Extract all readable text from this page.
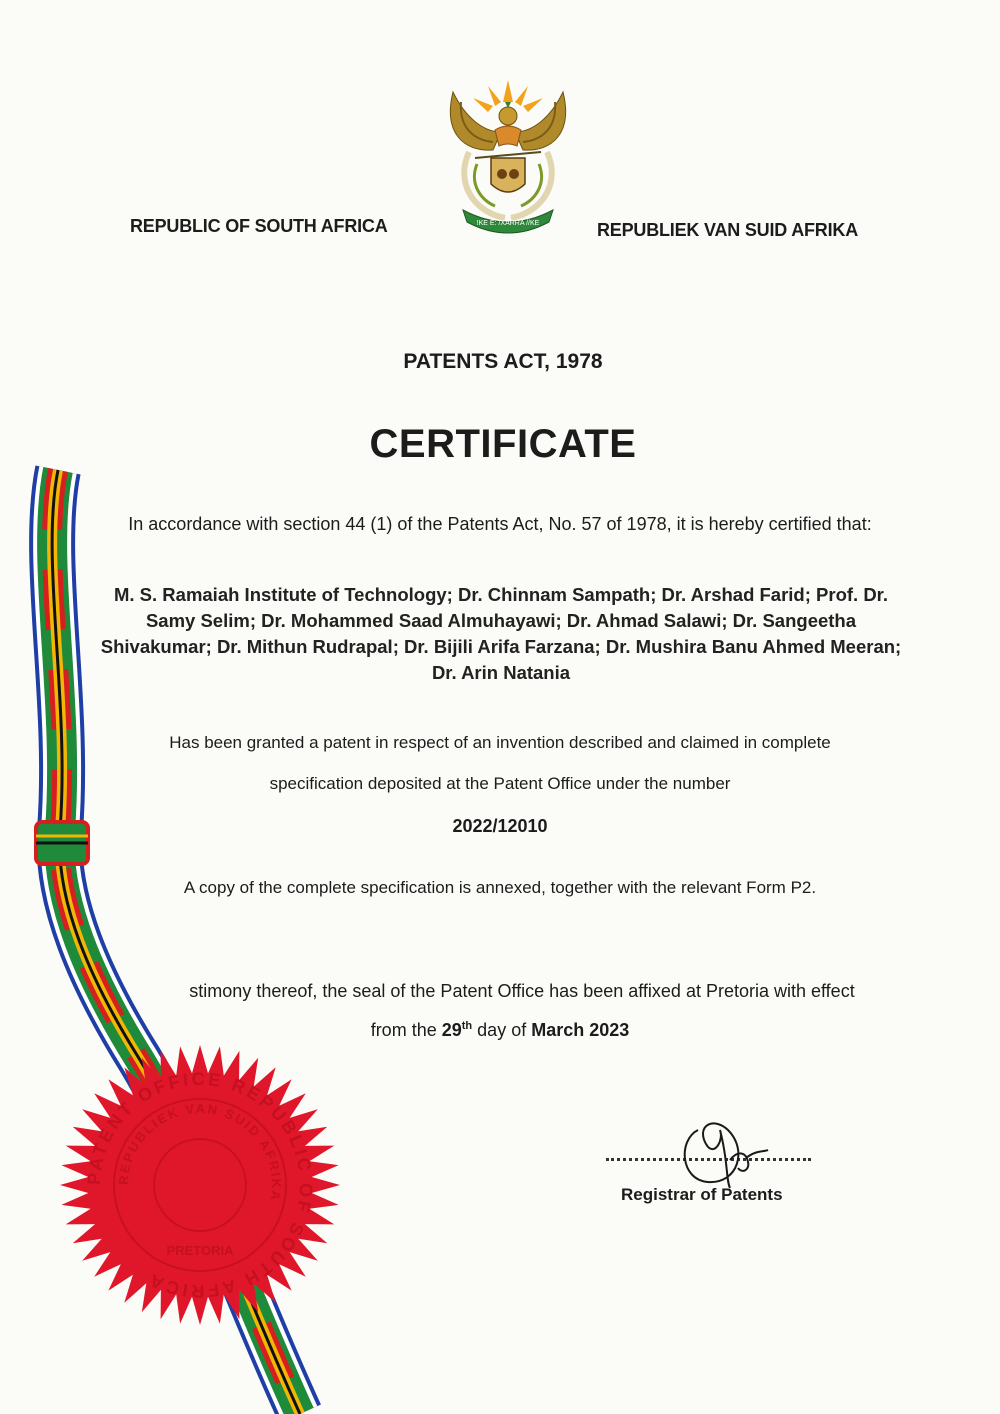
!KE E: /XARRA //KE
REPUBLIC OF SOUTH AFRICA	REPUBLIEK VAN SUID AFRIKA
PATENTS ACT, 1978
CERTIFICATE
In accordance with section 44 (1) of the Patents Act, No. 57 of 1978, it is hereby certified that:
M. S. Ramaiah Institute of Technology; Dr. Chinnam Sampath; Dr. Arshad Farid; Prof. Dr. Samy Selim; Dr. Mohammed Saad Almuhayawi; Dr. Ahmad Salawi; Dr. Sangeetha Shivakumar; Dr. Mithun Rudrapal; Dr. Bijili Arifa Farzana; Dr. Mushira Banu Ahmed Meeran; Dr. Arin Natania
Has been granted a patent in respect of an invention described and claimed in complete
specification deposited at the Patent Office under the number
2022/12010
A copy of the complete specification is annexed, together with the relevant Form P2.
stimony thereof, the seal of the Patent Office has been affixed at Pretoria with effect
from the 29th day of March 2023
Registrar of Patents
PATENT OFFICE REPUBLIC OF SOUTH AFRICA
REPUBLIEK VAN SUID AFRIKA
PRETORIA
